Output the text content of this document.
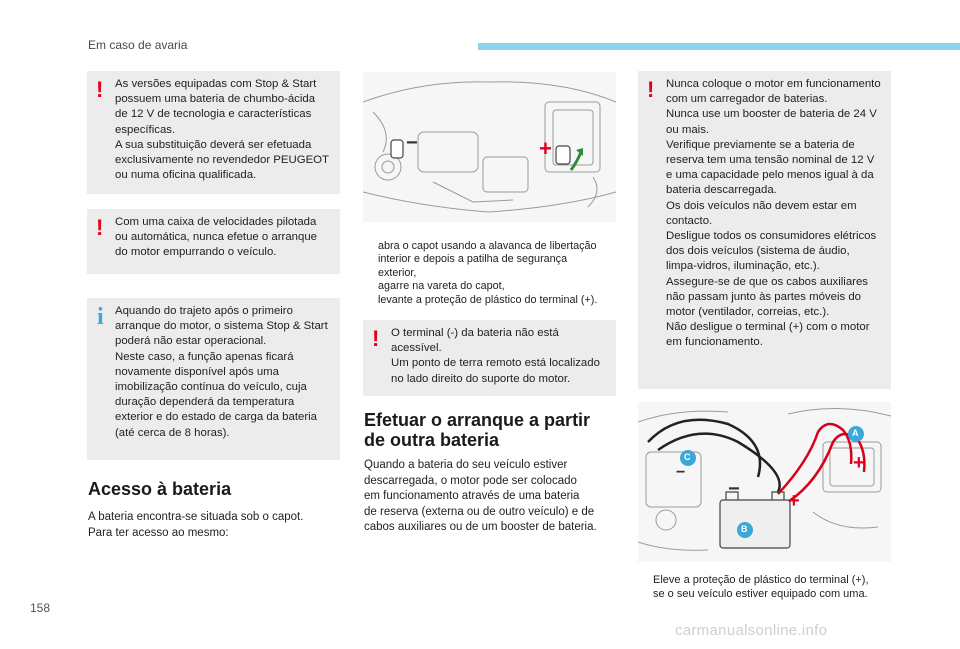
Em caso de avaria
! As versões equipadas com Stop & Start

possuem uma bateria de chumbo-ácida

de 12 V de tecnologia e características

específicas.

A sua substituição deverá ser efetuada

exclusivamente no revendedor PEUGEOT

ou numa oficina qualificada.

! Com uma caixa de velocidades pilotada

ou automática, nunca efetue o arranque

do motor empurrando o veículo.

i Aquando do trajeto após o primeiro

arranque do motor, o sistema Stop & Start

poderá não estar operacional.

Neste caso, a função apenas ficará

novamente disponível após uma

imobilização contínua do veículo, cuja

duração dependerá da temperatura

exterior e do estado de carga da bateria

(até cerca de 8 horas).

Acesso à bateria

A bateria encontra-se situada sob o capot.

Para ter acesso ao mesmo:

−	+
abra o capot usando a alavanca de libertação
interior e depois a patilha de segurança
exterior,
agarre na vareta do capot,
levante a proteção de plástico do terminal (+).
! O terminal (-) da bateria não está

acessível.

Um ponto de terra remoto está localizado

no lado direito do suporte do motor.

Efetuar o arranque a partir
de outra bateria

Quando a bateria do seu veículo estiver

descarregada, o motor pode ser colocado

em funcionamento através de uma bateria

de reserva (externa ou de outro veículo) e de

cabos auxiliares ou de um booster de bateria.

! Nunca coloque o motor em funcionamento

com um carregador de baterias.

Nunca use um booster de bateria de 24 V

ou mais.

Verifique previamente se a bateria de

reserva tem uma tensão nominal de 12 V

e uma capacidade pelo menos igual à da

bateria descarregada.

Os dois veículos não devem estar em

contacto.

Desligue todos os consumidores elétricos

dos dois veículos (sistema de áudio,

limpa-vidros, iluminação, etc.).

Assegure-se de que os cabos auxiliares

não passam junto às partes móveis do

motor (ventilador, correias, etc.).

Não desligue o terminal (+) com o motor

em funcionamento.

A
B
C
−
+
+
−
Eleve a proteção de plástico do terminal (+),
se o seu veículo estiver equipado com uma.
158
carmanualsonline.info
